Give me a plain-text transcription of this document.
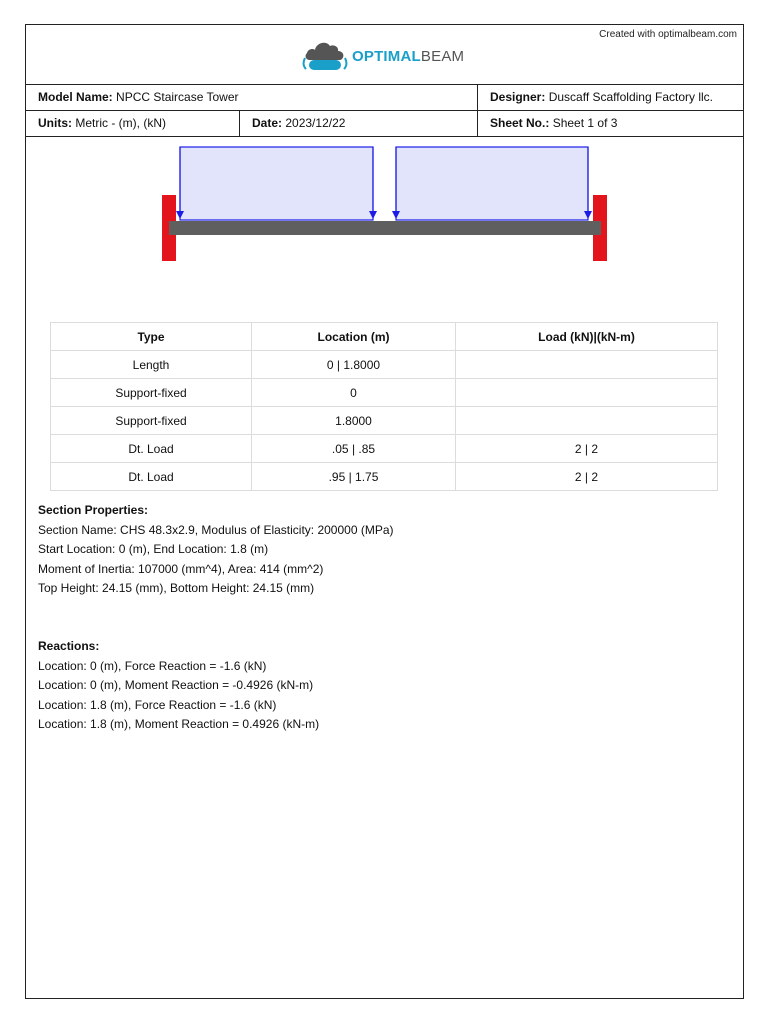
Created with optimalbeam.com
OPTIMALBEAM
Model Name: NPCC Staircase Tower	Designer: Duscaff Scaffolding Factory llc.
Units: Metric - (m), (kN)	Date: 2023/12/22	Sheet No.: Sheet 1 of 3
Type	Location (m)	Load (kN)|(kN-m)
Length	0 | 1.8000	
Support-fixed	0	
Support-fixed	1.8000	
Dt. Load	.05 | .85	2 | 2
Dt. Load	.95 | 1.75	2 | 2
Section Properties:
Section Name: CHS 48.3x2.9, Modulus of Elasticity: 200000 (MPa)
Start Location: 0 (m), End Location: 1.8 (m)
Moment of Inertia: 107000 (mm^4), Area: 414 (mm^2)
Top Height: 24.15 (mm), Bottom Height: 24.15 (mm)
Reactions:
Location: 0 (m), Force Reaction = -1.6 (kN)
Location: 0 (m), Moment Reaction = -0.4926 (kN-m)
Location: 1.8 (m), Force Reaction = -1.6 (kN)
Location: 1.8 (m), Moment Reaction = 0.4926 (kN-m)
